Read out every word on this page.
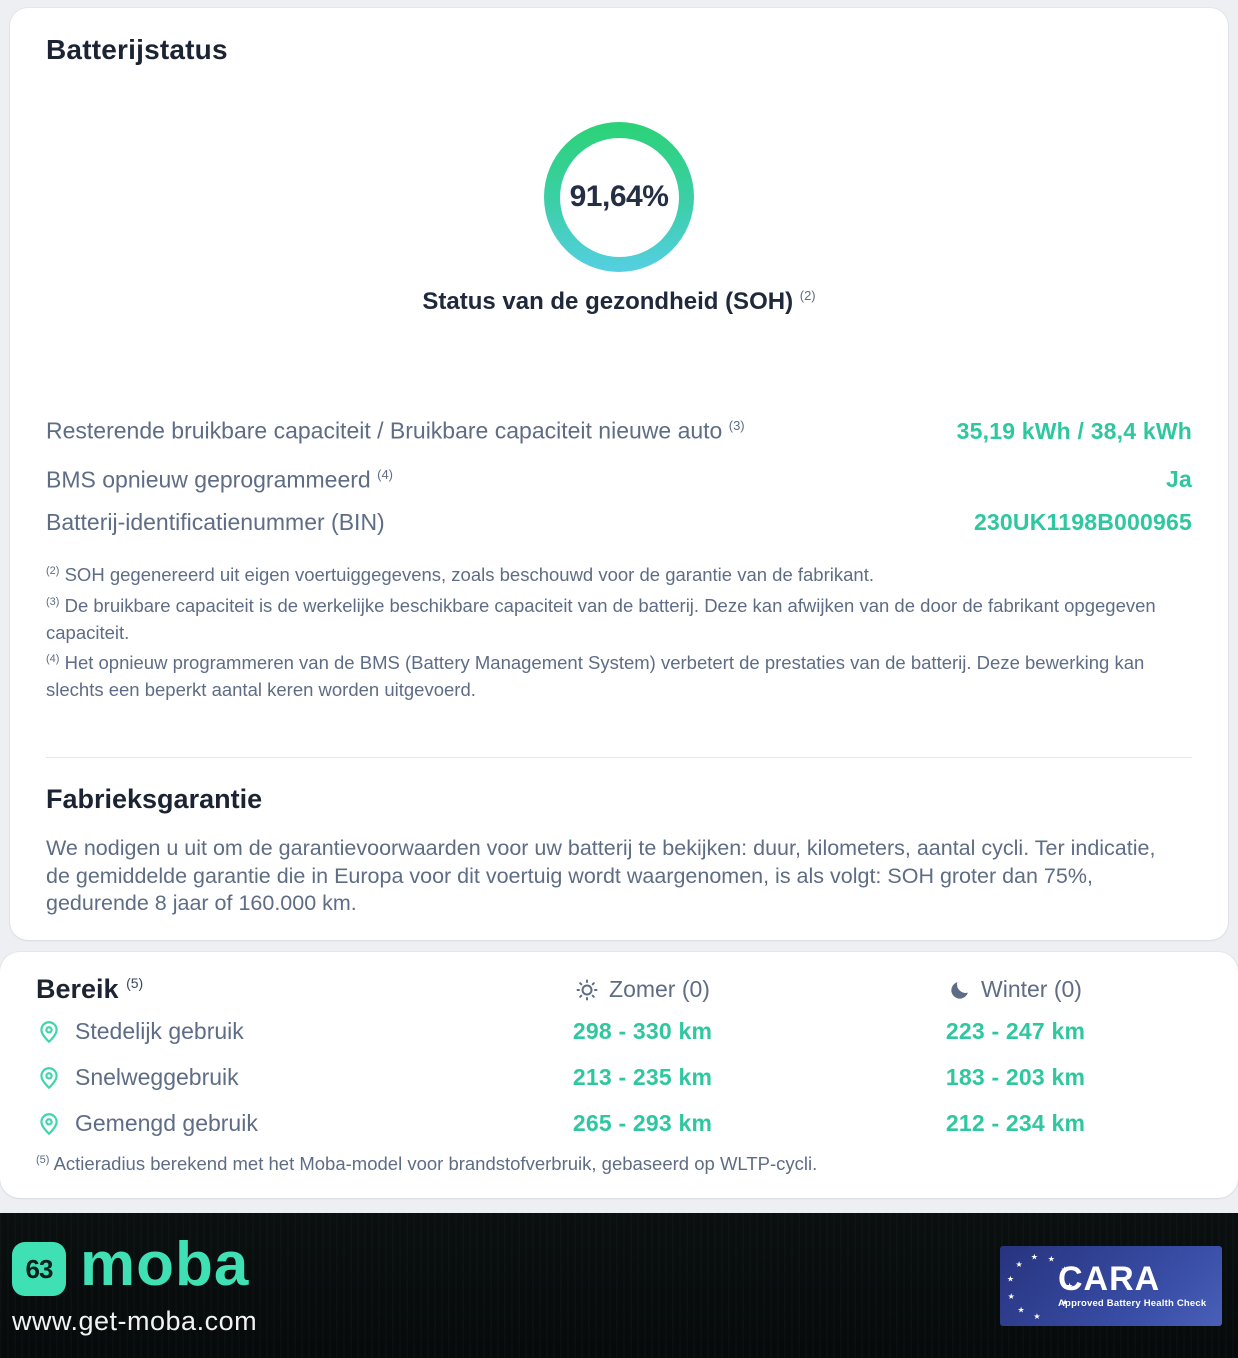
Batterijstatus
91,64%
Status van de gezondheid (SOH) $^{(2)}$
Resterende bruikbare capaciteit / Bruikbare capaciteit nieuwe auto $^{(3)}$	35,19 kWh / 38,4 kWh
BMS opnieuw geprogrammeerd $^{(4)}$	Ja
Batterij-identificatienummer (BIN)	230UK1198B000965

$^{(2)}$ SOH gegenereerd uit eigen voertuiggegevens, zoals beschouwd voor de garantie van de fabrikant.

$^{(3)}$ De bruikbare capaciteit is de werkelijke beschikbare capaciteit van de batterij. Deze kan afwijken van de door de fabrikant opgegeven capaciteit.

$^{(4)}$ Het opnieuw programmeren van de BMS (Battery Management System) verbetert de prestaties van de batterij. Deze bewerking kan slechts een beperkt aantal keren worden uitgevoerd.

Fabrieksgarantie

We nodigen u uit om de garantievoorwaarden voor uw batterij te bekijken: duur, kilometers, aantal cycli. Ter indicatie, de gemiddelde garantie die in Europa voor dit voertuig wordt waargenomen, is als volgt: SOH groter dan 75%, gedurende 8 jaar of 160.000 km.

Bereik $^{(5)}$	Zomer (0)	Winter (0)
Stedelijk gebruik	298 - 330 km	223 - 247 km
Snelweggebruik	213 - 235 km	183 - 203 km
Gemengd gebruik	265 - 293 km	212 - 234 km

$^{(5)}$ Actieradius berekend met het Moba-model voor brandstofverbruik, gebaseerd op WLTP-cycli.

63 moba
www.get-moba.com
★
★
★
★
★
★
★
★
★
★
CARA
Approved Battery Health Check
